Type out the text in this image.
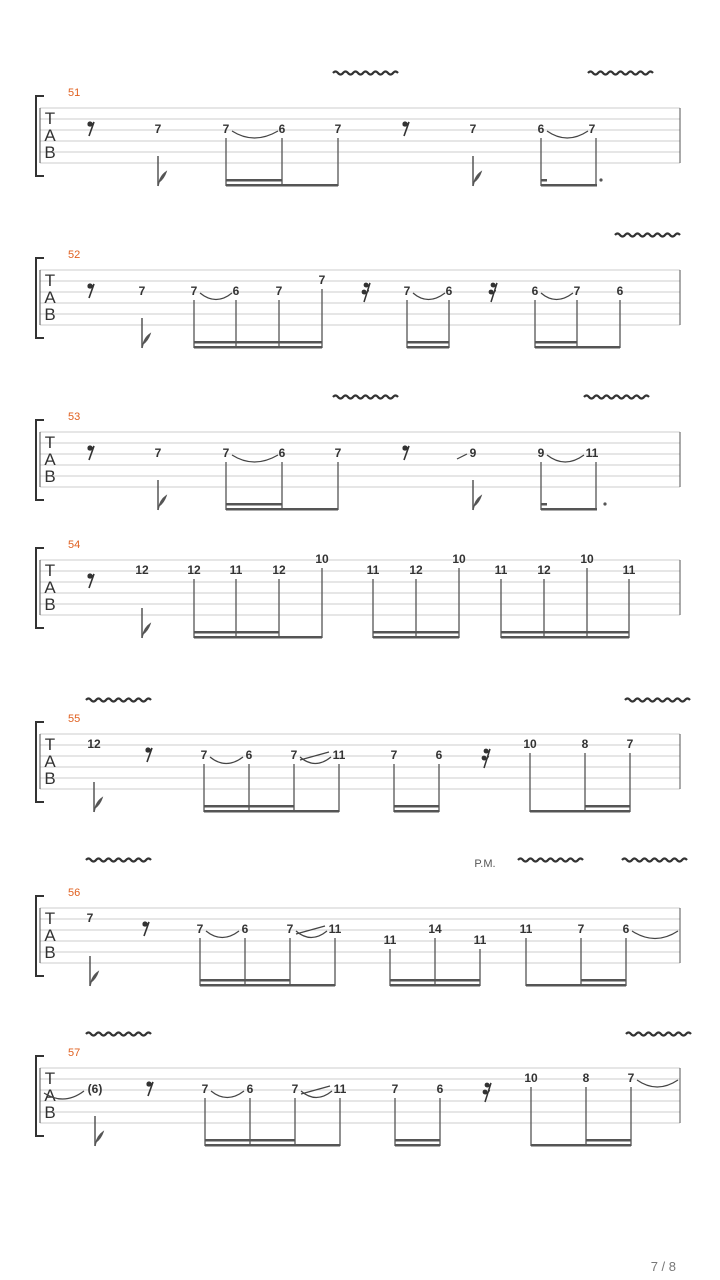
51
T
A
B
7	7	6	7	7	6	7
52
T
A
B
7	7	6	7
7
7	6	6	7	6
53
T
A
B
7	7	6	7	9	9	11
54
T
A
B
12	12 11 12
10
11 12
10
11 12
10
11
55
T
A
B
12
7	6	7	11	7	6
10	8	7
56
P.M.
T
A
B
7
7	6	7	11
11
14
11
11	7	6
57
T
A
B
(6)	7	6	7	11	7	6
10	8	7
7 / 8
